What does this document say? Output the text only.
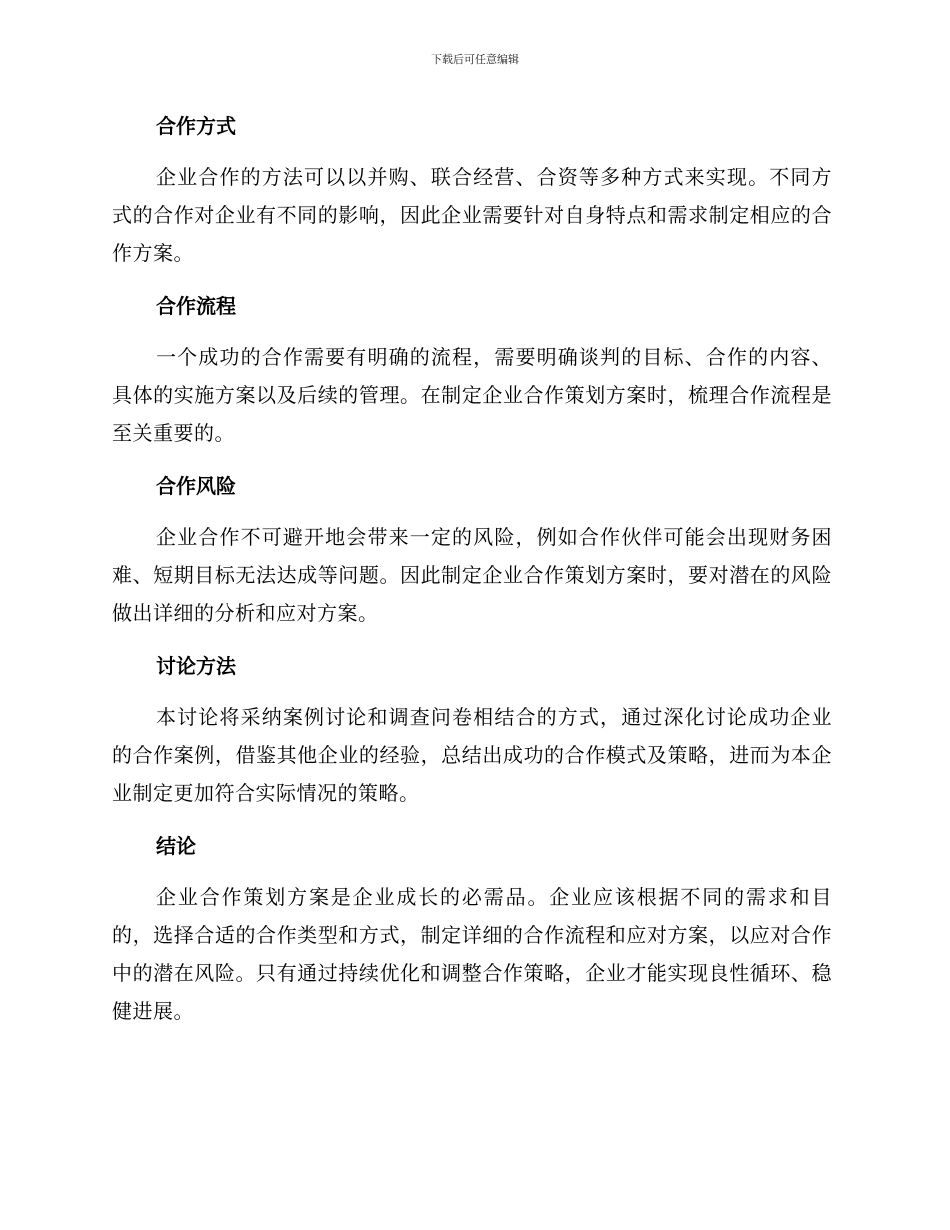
下载后可任意编辑
合作方式

企业合作的方法可以以并购、联合经营、合资等多种方式来实现。不同方式的合作对企业有不同的影响，因此企业需要针对自身特点和需求制定相应的合作方案。

合作流程

一个成功的合作需要有明确的流程，需要明确谈判的目标、合作的内容、具体的实施方案以及后续的管理。在制定企业合作策划方案时，梳理合作流程是至关重要的。

合作风险

企业合作不可避开地会带来一定的风险，例如合作伙伴可能会出现财务困难、短期目标无法达成等问题。因此制定企业合作策划方案时，要对潜在的风险做出详细的分析和应对方案。

讨论方法

本讨论将采纳案例讨论和调查问卷相结合的方式，通过深化讨论成功企业的合作案例，借鉴其他企业的经验，总结出成功的合作模式及策略，进而为本企业制定更加符合实际情况的策略。

结论

企业合作策划方案是企业成长的必需品。企业应该根据不同的需求和目的，选择合适的合作类型和方式，制定详细的合作流程和应对方案，以应对合作中的潜在风险。只有通过持续优化和调整合作策略，企业才能实现良性循环、稳健进展。
